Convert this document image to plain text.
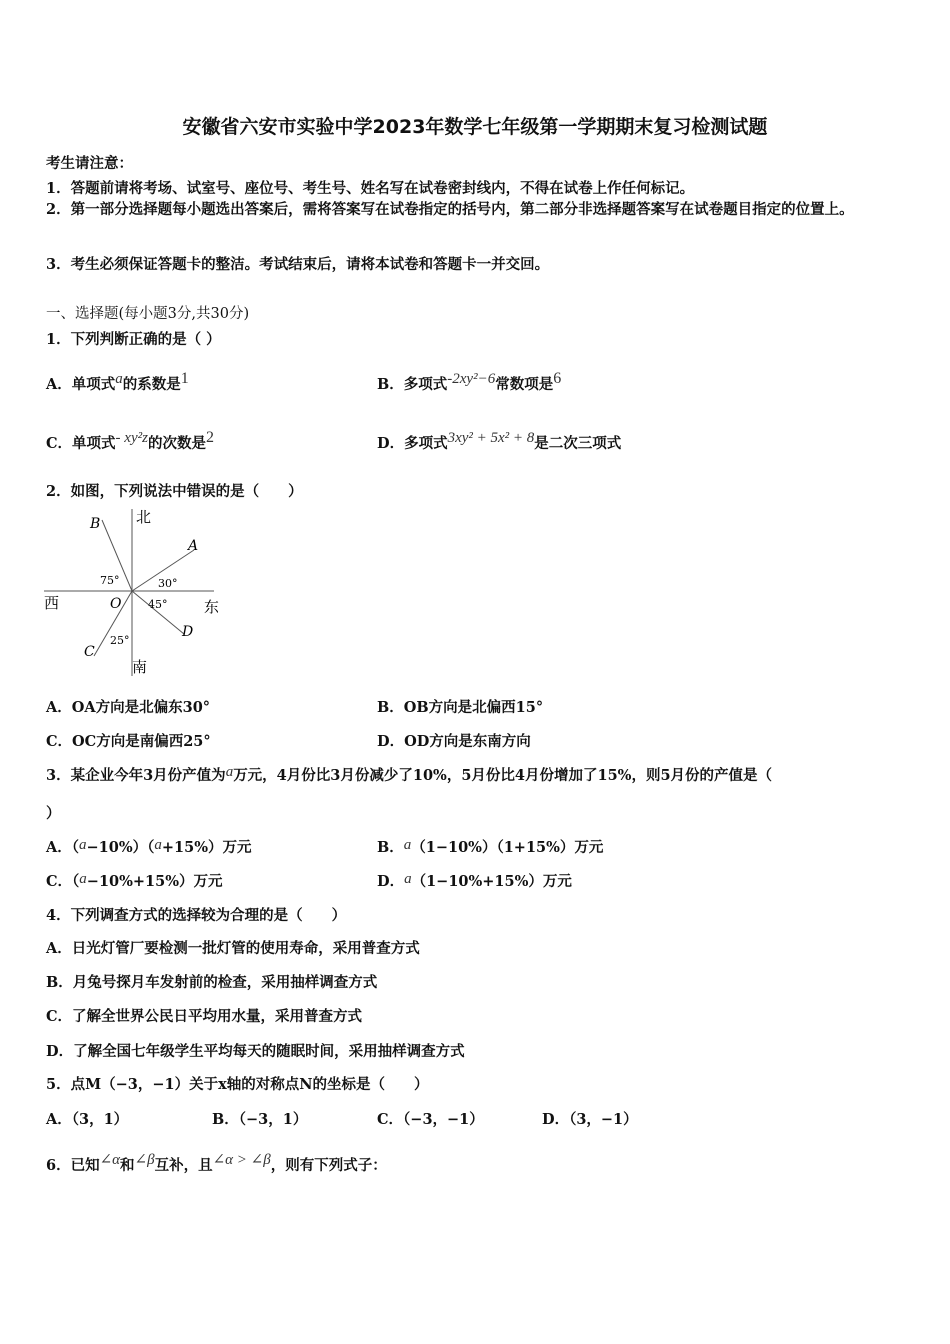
安徽省六安市实验中学2023年数学七年级第一学期期末复习检测试题
考生请注意：
1．答题前请将考场、试室号、座位号、考生号、姓名写在试卷密封线内，不得在试卷上作任何标记。
2．第一部分选择题每小题选出答案后，需将答案写在试卷指定的括号内，第二部分非选择题答案写在试卷题目指定的位置上。
3．考生必须保证答题卡的整洁。考试结束后，请将本试卷和答题卡一并交回。
一、选择题(每小题3分,共30分)
1．下列判断正确的是（ ）
A．单项式a的系数是1	B．多项式-2xy²−6常数项是6
C．单项式- xy²z的次数是2	D．多项式3xy² + 5x² + 8是二次三项式
2．如图，下列说法中错误的是（　　）
北
南
西	东
A
B
C
D
O
75°	30°
45°
25°
A．OA方向是北偏东30°	B．OB方向是北偏西15°
C．OC方向是南偏西25°	D．OD方向是东南方向
3．某企业今年3月份产值为a万元，4月份比3月份减少了10%，5月份比4月份增加了15%，则5月份的产值是（
）
A．（a−10%）（a+15%）万元	B．a（1−10%）（1+15%）万元
C．（a−10%+15%）万元	D．a（1−10%+15%）万元
4．下列调查方式的选择较为合理的是（　　）
A．日光灯管厂要检测一批灯管的使用寿命，采用普查方式
B．月兔号探月车发射前的检查，采用抽样调查方式
C．了解全世界公民日平均用水量，采用普查方式
D．了解全国七年级学生平均每天的随眠时间，采用抽样调查方式
5．点M（−3，−1）关于x轴的对称点N的坐标是（　　）
A．（3，1）	B．（−3，1）	C．（−3，−1）	D．（3，−1）
6．已知∠α和∠β互补，且∠α > ∠β，则有下列式子：
